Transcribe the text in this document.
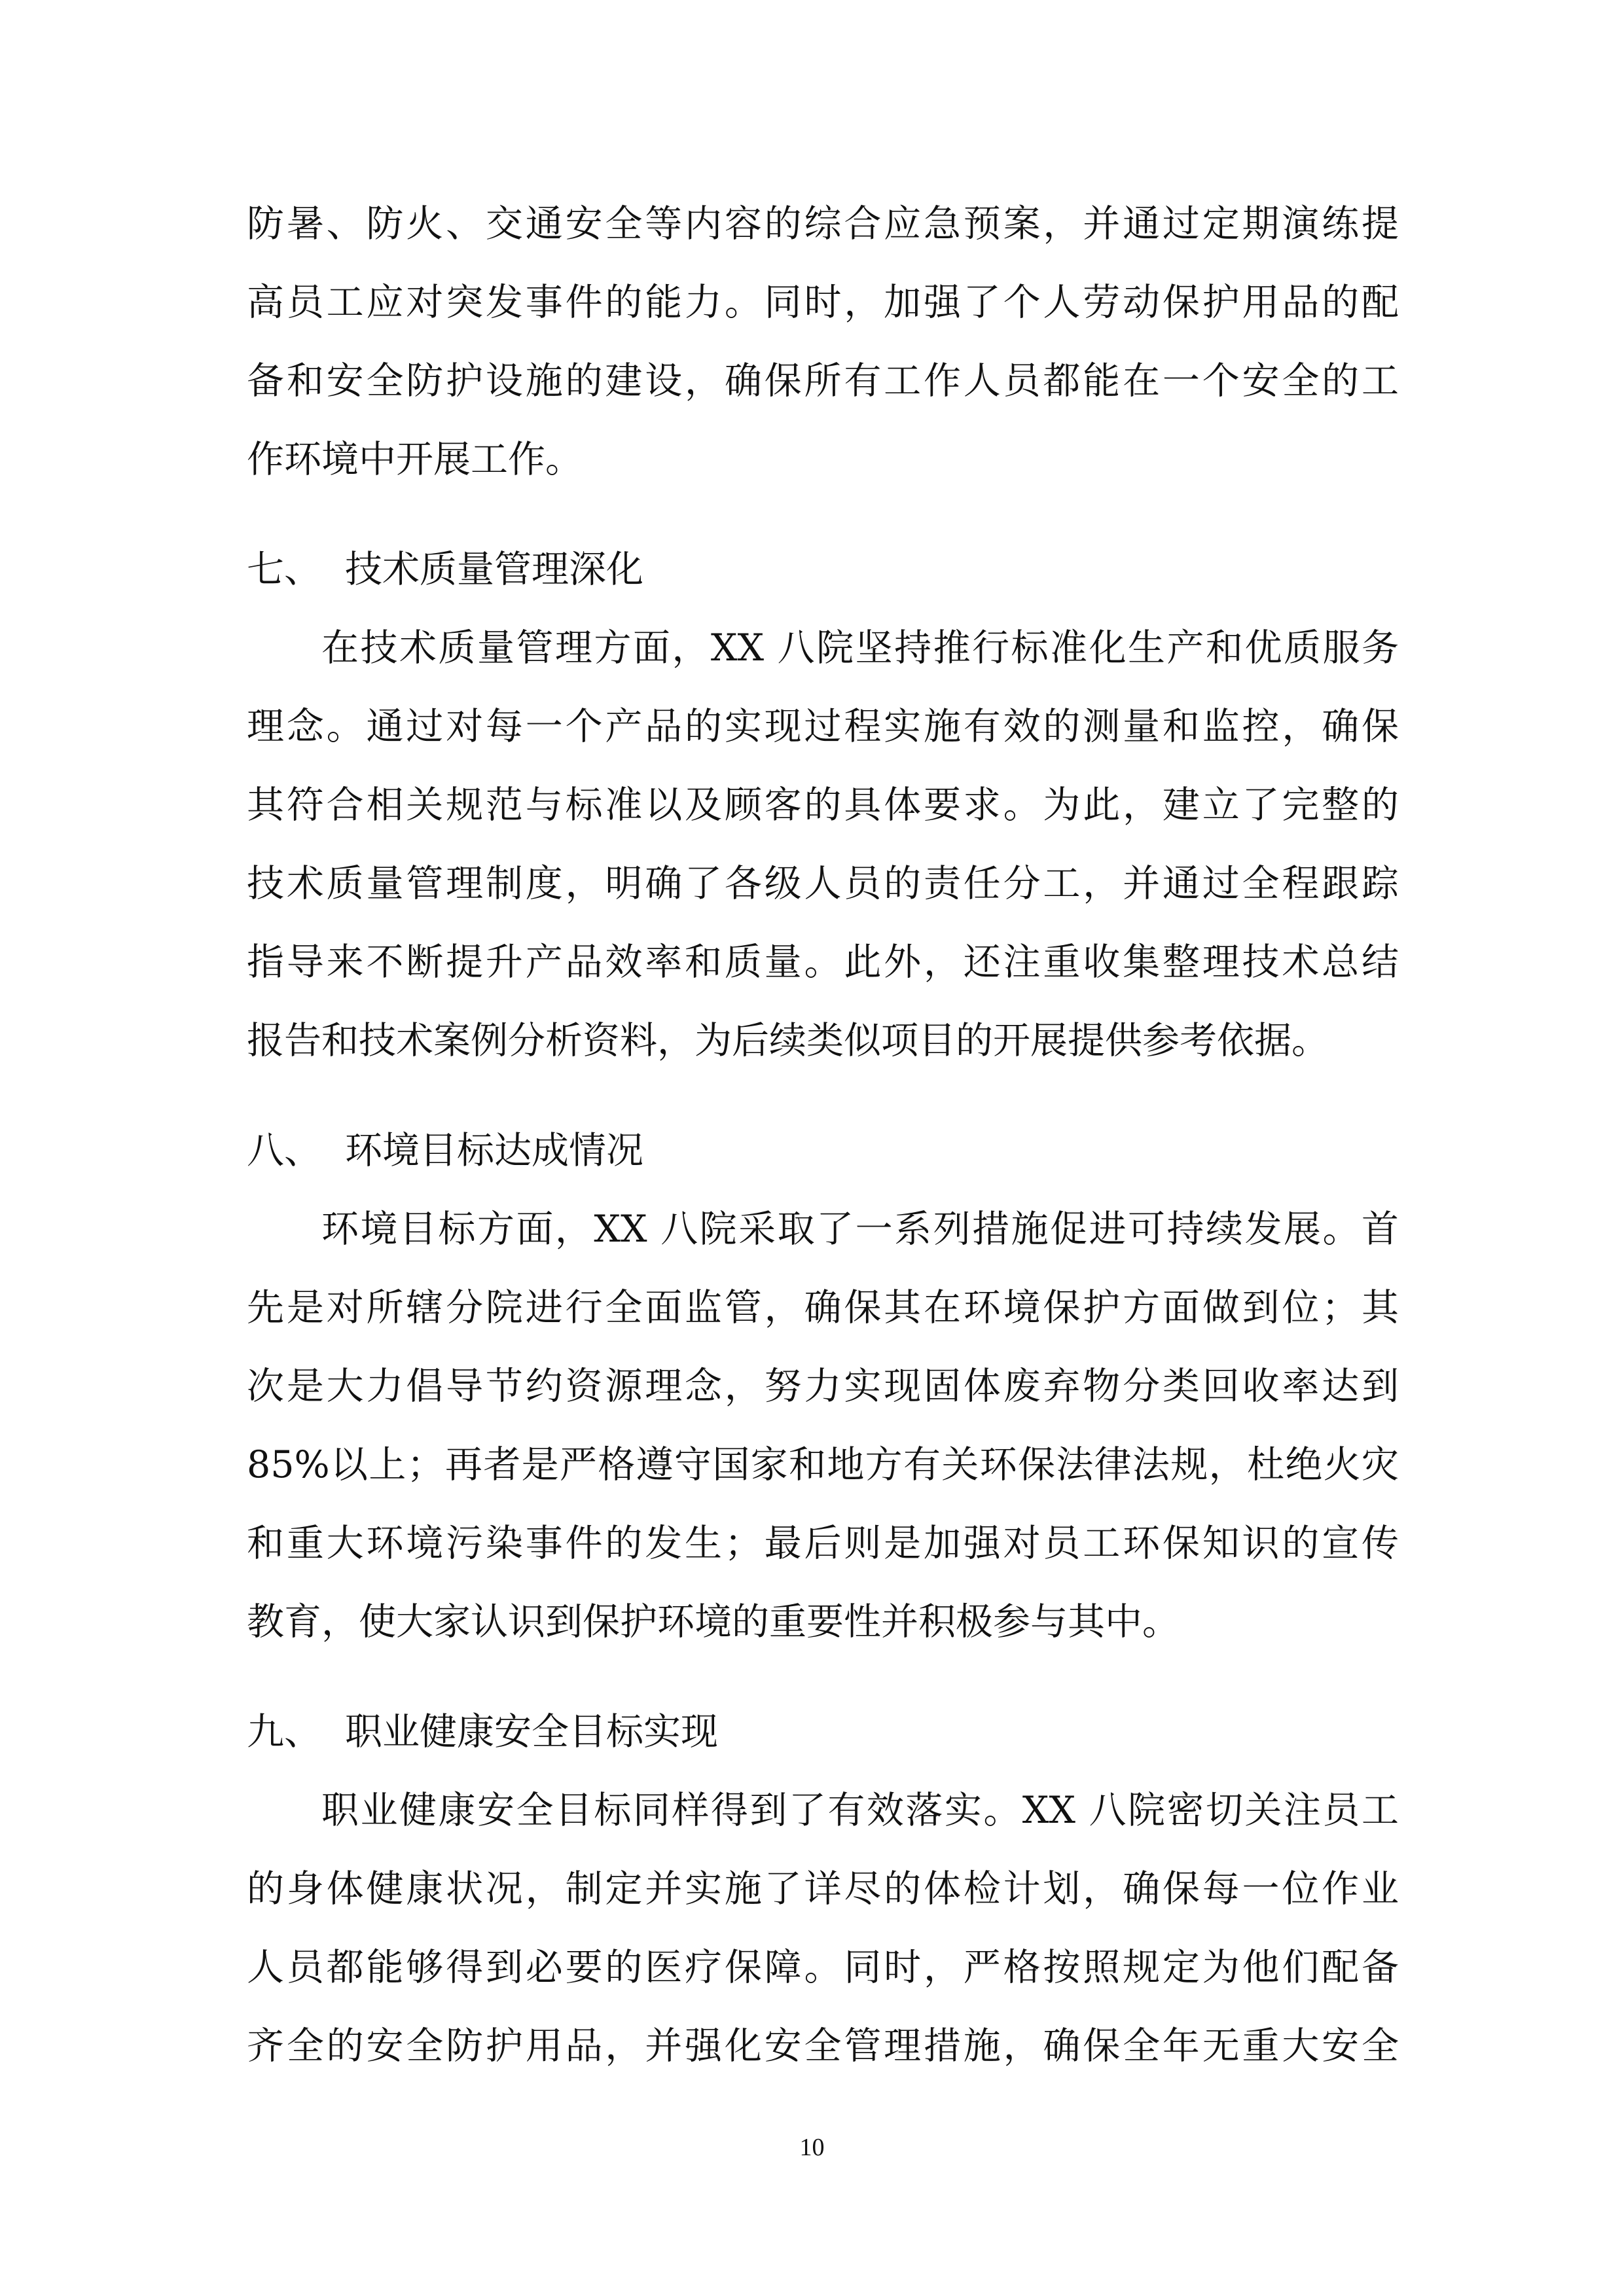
防暑、防火、交通安全等内容的综合应急预案，并通过定期演练提
高员工应对突发事件的能力。同时，加强了个人劳动保护用品的配
备和安全防护设施的建设，确保所有工作人员都能在一个安全的工
作环境中开展工作。
七、 技术质量管理深化
在技术质量管理方面，XX 八院坚持推行标准化生产和优质服务
理念。通过对每一个产品的实现过程实施有效的测量和监控，确保
其符合相关规范与标准以及顾客的具体要求。为此，建立了完整的
技术质量管理制度，明确了各级人员的责任分工，并通过全程跟踪
指导来不断提升产品效率和质量。此外，还注重收集整理技术总结
报告和技术案例分析资料，为后续类似项目的开展提供参考依据。
八、 环境目标达成情况
环境目标方面，XX 八院采取了一系列措施促进可持续发展。首
先是对所辖分院进行全面监管，确保其在环境保护方面做到位；其
次是大力倡导节约资源理念，努力实现固体废弃物分类回收率达到
85%以上；再者是严格遵守国家和地方有关环保法律法规，杜绝火灾
和重大环境污染事件的发生；最后则是加强对员工环保知识的宣传
教育，使大家认识到保护环境的重要性并积极参与其中。
九、 职业健康安全目标实现
职业健康安全目标同样得到了有效落实。XX 八院密切关注员工
的身体健康状况，制定并实施了详尽的体检计划，确保每一位作业
人员都能够得到必要的医疗保障。同时，严格按照规定为他们配备
齐全的安全防护用品，并强化安全管理措施，确保全年无重大安全
10
